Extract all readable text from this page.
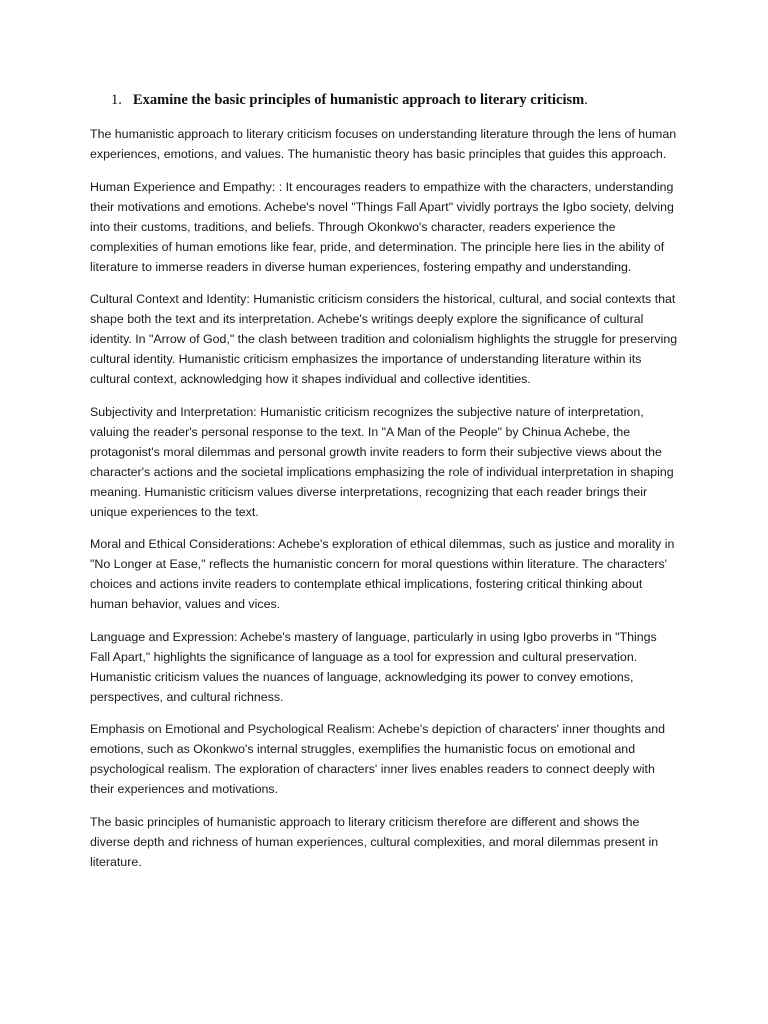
1. Examine the basic principles of humanistic approach to literary criticism.

The humanistic approach to literary criticism focuses on understanding literature through the lens of human experiences, emotions, and values. The humanistic theory has basic principles that guides this approach.

Human Experience and Empathy: : It encourages readers to empathize with the characters, understanding their motivations and emotions. Achebe's novel "Things Fall Apart" vividly portrays the Igbo society, delving into their customs, traditions, and beliefs. Through Okonkwo's character, readers experience the complexities of human emotions like fear, pride, and determination. The principle here lies in the ability of literature to immerse readers in diverse human experiences, fostering empathy and understanding.

Cultural Context and Identity: Humanistic criticism considers the historical, cultural, and social contexts that shape both the text and its interpretation. Achebe's writings deeply explore the significance of cultural identity. In "Arrow of God," the clash between tradition and colonialism highlights the struggle for preserving cultural identity. Humanistic criticism emphasizes the importance of understanding literature within its cultural context, acknowledging how it shapes individual and collective identities.

Subjectivity and Interpretation: Humanistic criticism recognizes the subjective nature of interpretation, valuing the reader's personal response to the text. In "A Man of the People" by Chinua Achebe, the protagonist's moral dilemmas and personal growth invite readers to form their subjective views about the character's actions and the societal implications emphasizing the role of individual interpretation in shaping meaning. Humanistic criticism values diverse interpretations, recognizing that each reader brings their unique experiences to the text.

Moral and Ethical Considerations: Achebe's exploration of ethical dilemmas, such as justice and morality in "No Longer at Ease," reflects the humanistic concern for moral questions within literature. The characters' choices and actions invite readers to contemplate ethical implications, fostering critical thinking about human behavior, values and vices.

Language and Expression: Achebe's mastery of language, particularly in using Igbo proverbs in "Things Fall Apart," highlights the significance of language as a tool for expression and cultural preservation. Humanistic criticism values the nuances of language, acknowledging its power to convey emotions, perspectives, and cultural richness.

Emphasis on Emotional and Psychological Realism: Achebe's depiction of characters' inner thoughts and emotions, such as Okonkwo's internal struggles, exemplifies the humanistic focus on emotional and psychological realism. The exploration of characters' inner lives enables readers to connect deeply with their experiences and motivations.

The basic principles of humanistic approach to literary criticism therefore are different and shows the diverse depth and richness of human experiences, cultural complexities, and moral dilemmas present in literature.
